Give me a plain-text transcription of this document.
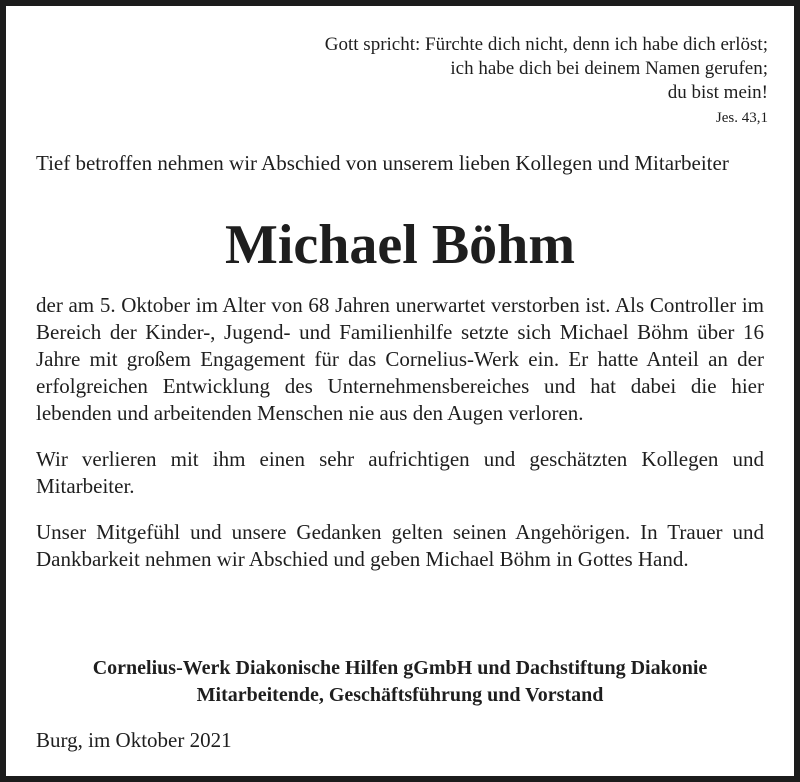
Gott spricht: Fürchte dich nicht, denn ich habe dich erlöst;
ich habe dich bei deinem Namen gerufen;
du bist mein!
Jes. 43,1
Tief betroffen nehmen wir Abschied von unserem lieben Kollegen und Mitarbeiter
Michael Böhm

der am 5. Oktober im Alter von 68 Jahren unerwartet verstorben ist. Als Controller im Bereich der Kinder-, Jugend- und Familienhilfe setzte sich Michael Böhm über 16 Jahre mit großem Engagement für das Cornelius-Werk ein. Er hatte Anteil an der erfolgreichen Entwicklung des Unternehmensbereiches und hat dabei die hier lebenden und arbeitenden Menschen nie aus den Augen verloren.

Wir verlieren mit ihm einen sehr aufrichtigen und geschätzten Kollegen und Mitarbeiter.

Unser Mitgefühl und unsere Gedanken gelten seinen Angehörigen. In Trauer und Dankbarkeit nehmen wir Abschied und geben Michael Böhm in Gottes Hand.

Cornelius-Werk Diakonische Hilfen gGmbH und Dachstiftung Diakonie
Mitarbeitende, Geschäftsführung und Vorstand
Burg, im Oktober 2021
